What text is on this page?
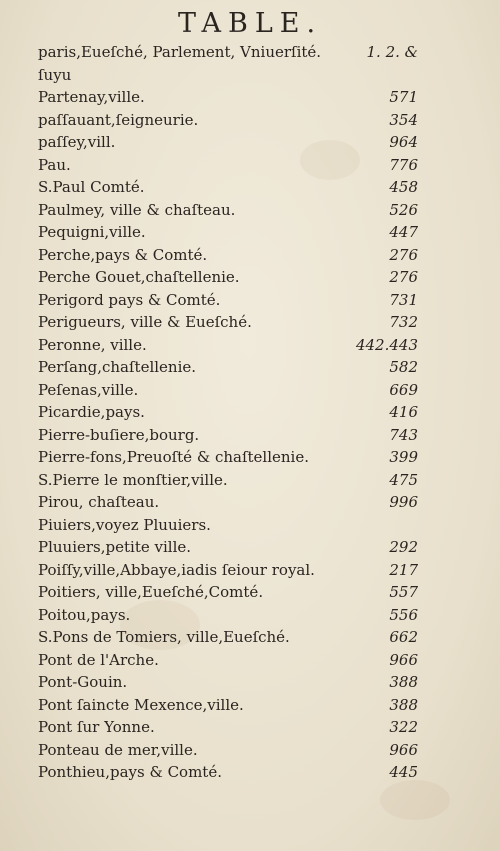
TABLE.
paris,Eueſché, Parlement, Vniuerſité.	1. 2. &
ſuyu
Partenay,ville.	571
paſſauant,ſeigneurie.	354
paſſey,vill.	964
Pau.	776
S.Paul Comté.	458
Paulmey, ville & chaſteau.	526
Pequigni,ville.	447
Perche,pays & Comté.	276
Perche Gouet,chaſtellenie.	276
Perigord pays & Comté.	731
Perigueurs, ville & Eueſché.	732
Peronne, ville.	442.443
Perſang,chaſtellenie.	582
Peſenas,ville.	669
Picardie,pays.	416
Pierre-buſiere,bourg.	743
Pierre-fons,Preuoſté & chaſtellenie.	399
S.Pierre le monſtier,ville.	475
Pirou, chaſteau.	996
Piuiers,voyez Pluuiers.
Pluuiers,petite ville.	292
Poiſſy,ville,Abbaye,iadis ſeiour royal.	217
Poitiers, ville,Eueſché,Comté.	557
Poitou,pays.	556
S.Pons de Tomiers, ville,Eueſché.	662
Pont de l'Arche.	966
Pont-Gouin.	388
Pont ſaincte Mexence,ville.	388
Pont ſur Yonne.	322
Ponteau de mer,ville.	966
Ponthieu,pays & Comté.	445
